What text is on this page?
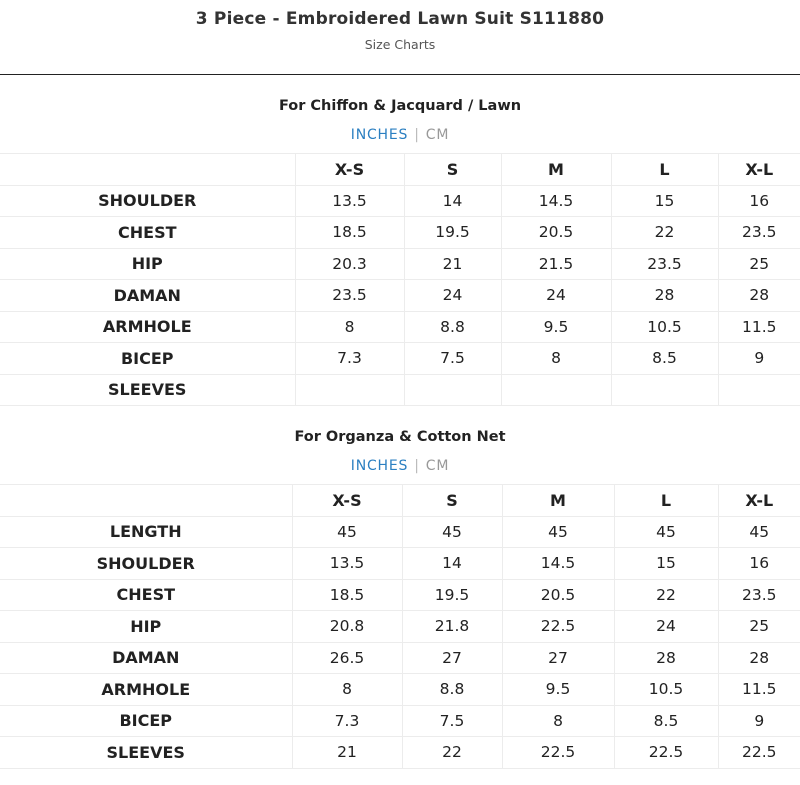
3 Piece - Embroidered Lawn Suit S111880
Size Charts
For Chiffon & Jacquard / Lawn
INCHES | CM
	X-S	S	M	L	X-L
SHOULDER	13.5	14	14.5	15	16
CHEST	18.5	19.5	20.5	22	23.5
HIP	20.3	21	21.5	23.5	25
DAMAN	23.5	24	24	28	28
ARMHOLE	8	8.8	9.5	10.5	11.5
BICEP	7.3	7.5	8	8.5	9
SLEEVES					
For Organza & Cotton Net
INCHES | CM
	X-S	S	M	L	X-L
LENGTH	45	45	45	45	45
SHOULDER	13.5	14	14.5	15	16
CHEST	18.5	19.5	20.5	22	23.5
HIP	20.8	21.8	22.5	24	25
DAMAN	26.5	27	27	28	28
ARMHOLE	8	8.8	9.5	10.5	11.5
BICEP	7.3	7.5	8	8.5	9
SLEEVES	21	22	22.5	22.5	22.5
